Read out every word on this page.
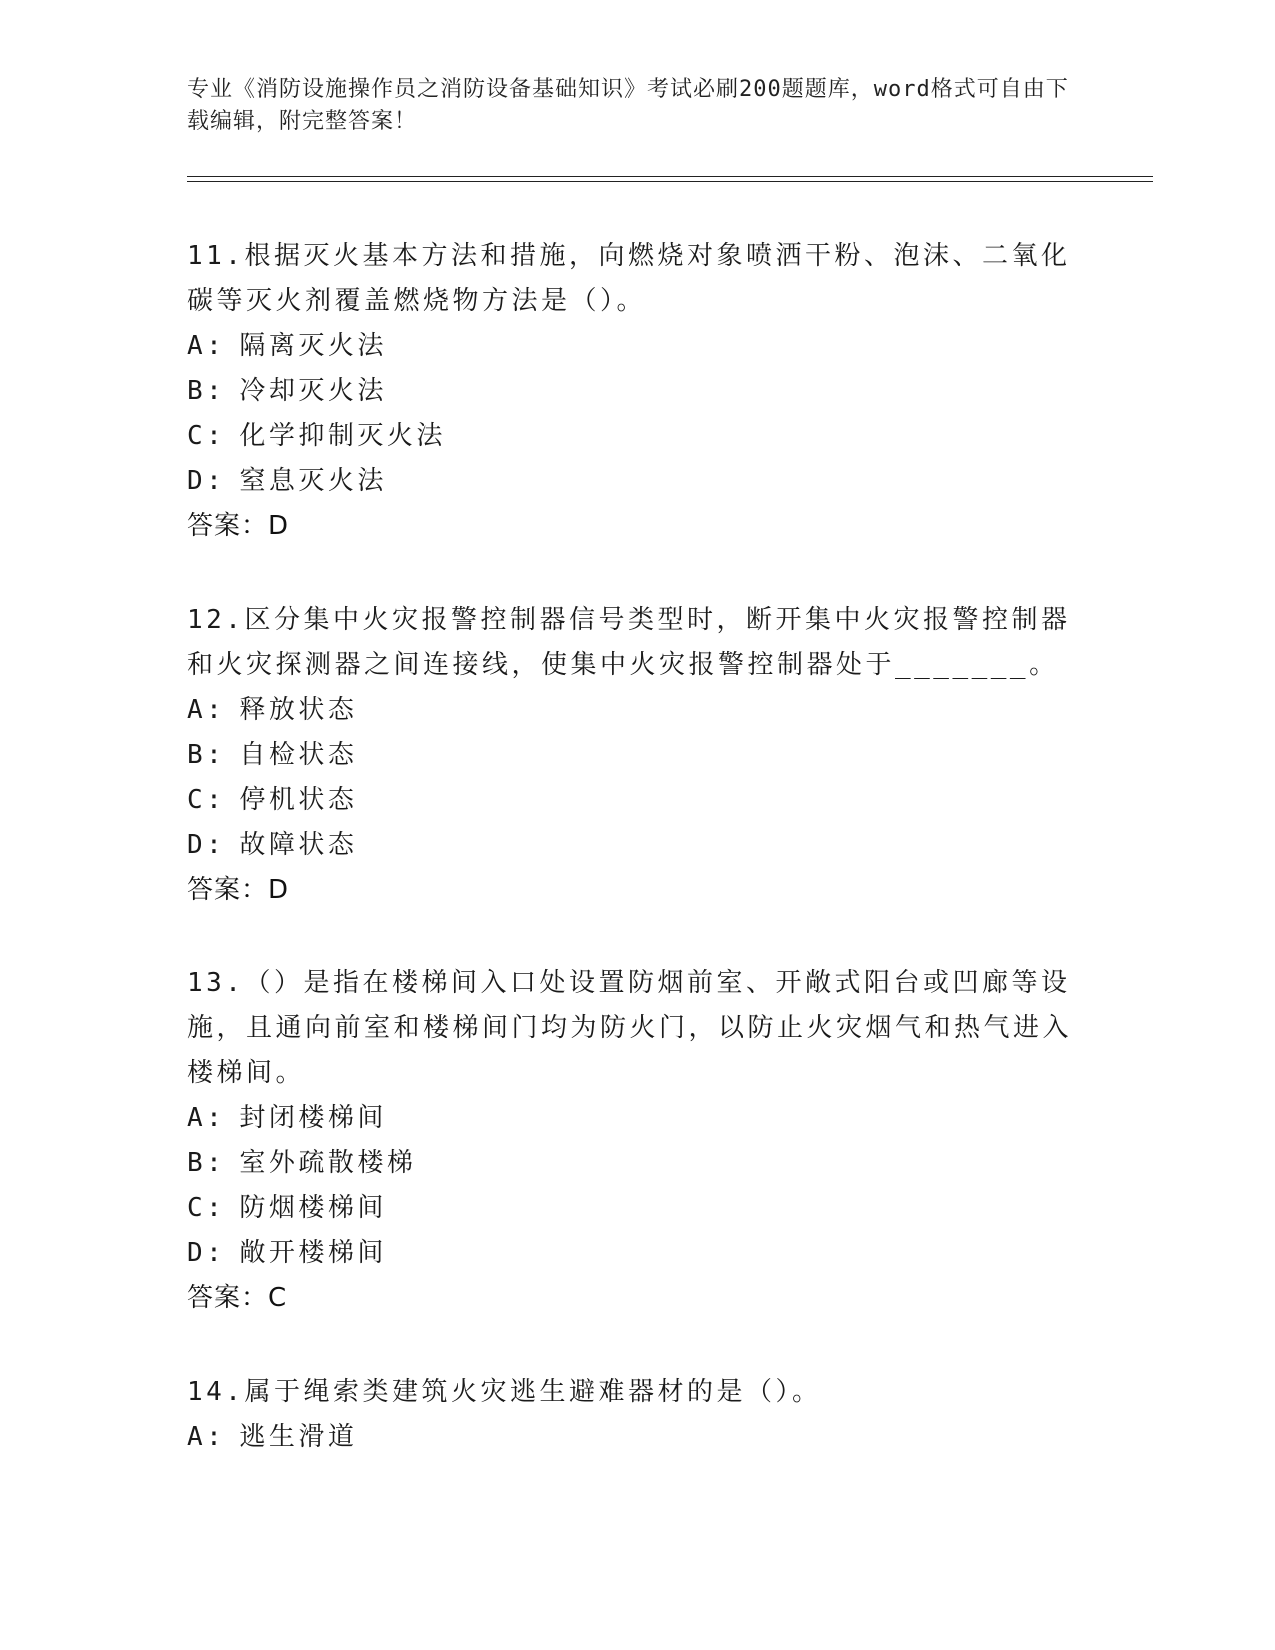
专业《消防设施操作员之消防设备基础知识》考试必刷200题题库，word格式可自由下载编辑，附完整答案！

11.根据灭火基本方法和措施，向燃烧对象喷洒干粉、泡沫、二氧化碳等灭火剂覆盖燃烧物方法是（）。

A: 隔离灭火法
B: 冷却灭火法
C: 化学抑制灭火法
D: 窒息灭火法
答案：D

12.区分集中火灾报警控制器信号类型时，断开集中火灾报警控制器和火灾探测器之间连接线，使集中火灾报警控制器处于_______。

A: 释放状态
B: 自检状态
C: 停机状态
D: 故障状态
答案：D

13.（）是指在楼梯间入口处设置防烟前室、开敞式阳台或凹廊等设施，且通向前室和楼梯间门均为防火门，以防止火灾烟气和热气进入楼梯间。

A: 封闭楼梯间
B: 室外疏散楼梯
C: 防烟楼梯间
D: 敞开楼梯间
答案：C

14.属于绳索类建筑火灾逃生避难器材的是（）。

A: 逃生滑道
